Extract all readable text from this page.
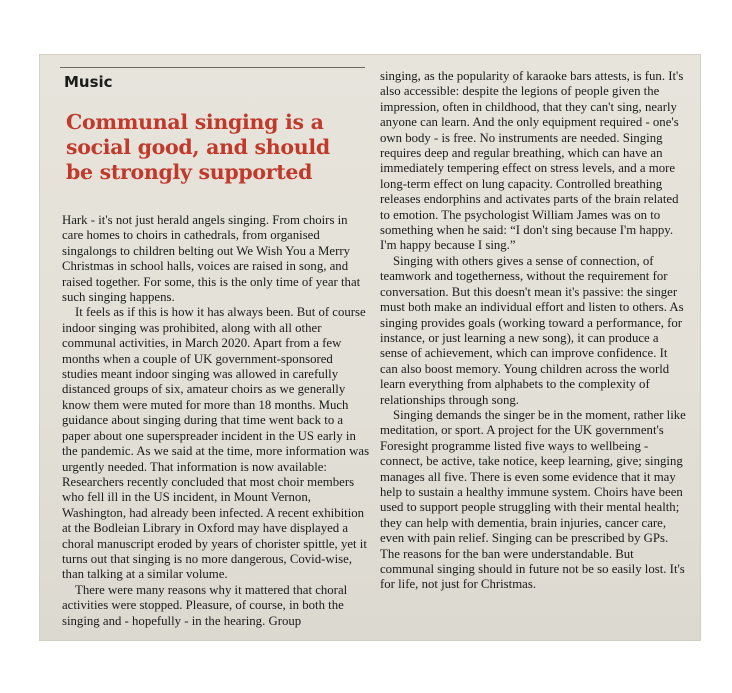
Music
Communal singing is a social good, and should be strongly supported

Hark - it's not just herald angels singing. From choirs in care homes to choirs in cathedrals, from organised singalongs to children belting out We Wish You a Merry Christmas in school halls, voices are raised in song, and raised together. For some, this is the only time of year that such singing happens.

It feels as if this is how it has always been. But of course indoor singing was prohibited, along with all other communal activities, in March 2020. Apart from a few months when a couple of UK government-sponsored studies meant indoor singing was allowed in carefully distanced groups of six, amateur choirs as we generally know them were muted for more than 18 months. Much guidance about singing during that time went back to a paper about one superspreader incident in the US early in the pandemic. As we said at the time, more information was urgently needed. That information is now available: Researchers recently concluded that most choir members who fell ill in the US incident, in Mount Vernon, Washington, had already been infected. A recent exhibition at the Bodleian Library in Oxford may have displayed a choral manuscript eroded by years of chorister spittle, yet it turns out that singing is no more dangerous, Covid-wise, than talking at a similar volume.

There were many reasons why it mattered that choral activities were stopped. Pleasure, of course, in both the singing and - hopefully - in the hearing. Group

singing, as the popularity of karaoke bars attests, is fun. It's also accessible: despite the legions of people given the impression, often in childhood, that they can't sing, nearly anyone can learn. And the only equipment required - one's own body - is free. No instruments are needed. Singing requires deep and regular breathing, which can have an immediately tempering effect on stress levels, and a more long-term effect on lung capacity. Controlled breathing releases endorphins and activates parts of the brain related to emotion. The psychologist William James was on to something when he said: “I don't sing because I'm happy. I'm happy because I sing.”

Singing with others gives a sense of connection, of teamwork and togetherness, without the requirement for conversation. But this doesn't mean it's passive: the singer must both make an individual effort and listen to others. As singing provides goals (working toward a performance, for instance, or just learning a new song), it can produce a sense of achievement, which can improve confidence. It can also boost memory. Young children across the world learn everything from alphabets to the complexity of relationships through song.

Singing demands the singer be in the moment, rather like meditation, or sport. A project for the UK government's Foresight programme listed five ways to wellbeing - connect, be active, take notice, keep learning, give; singing manages all five. There is even some evidence that it may help to sustain a healthy immune system. Choirs have been used to support people struggling with their mental health; they can help with dementia, brain injuries, cancer care, even with pain relief. Singing can be prescribed by GPs. The reasons for the ban were understandable. But communal singing should in future not be so easily lost. It's for life, not just for Christmas.
